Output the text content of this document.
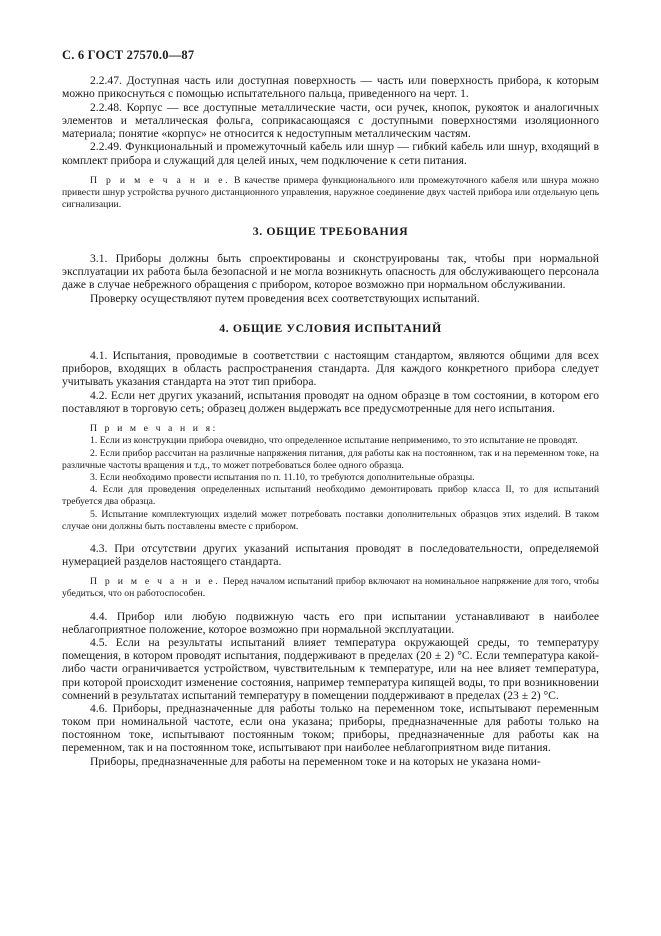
С. 6 ГОСТ 27570.0—87

2.2.47. Доступная часть или доступная поверхность — часть или поверхность прибора, к которым можно прикоснуться с помощью испытательного пальца, приведенного на черт. 1.

2.2.48. Корпус — все доступные металлические части, оси ручек, кнопок, рукояток и аналогичных элементов и металлическая фольга, соприкасающаяся с доступными поверхностями изоляционного материала; понятие «корпус» не относится к недоступным металлическим частям.

2.2.49. Функциональный и промежуточный кабель или шнур — гибкий кабель или шнур, входящий в комплект прибора и служащий для целей иных, чем подключение к сети питания.

П р и м е ч а н и е. В качестве примера функционального или промежуточного кабеля или шнура можно привести шнур устройства ручного дистанционного управления, наружное соединение двух частей прибора или отдельную цепь сигнализации.

3. ОБЩИЕ ТРЕБОВАНИЯ

3.1. Приборы должны быть спроектированы и сконструированы так, чтобы при нормальной эксплуатации их работа была безопасной и не могла возникнуть опасность для обслуживающего персонала даже в случае небрежного обращения с прибором, которое возможно при нормальном обслуживании.

Проверку осуществляют путем проведения всех соответствующих испытаний.

4. ОБЩИЕ УСЛОВИЯ ИСПЫТАНИЙ

4.1. Испытания, проводимые в соответствии с настоящим стандартом, являются общими для всех приборов, входящих в область распространения стандарта. Для каждого конкретного прибора следует учитывать указания стандарта на этот тип прибора.

4.2. Если нет других указаний, испытания проводят на одном образце в том состоянии, в котором его поставляют в торговую сеть; образец должен выдержать все предусмотренные для него испытания.

П р и м е ч а н и я:

1. Если из конструкции прибора очевидно, что определенное испытание неприменимо, то это испытание не проводят.

2. Если прибор рассчитан на различные напряжения питания, для работы как на постоянном, так и на переменном токе, на различные частоты вращения и т.д., то может потребоваться более одного образца.

3. Если необходимо провести испытания по п. 11.10, то требуются дополнительные образцы.

4. Если для проведения определенных испытаний необходимо демонтировать прибор класса II, то для испытаний требуется два образца.

5. Испытание комплектующих изделий может потребовать поставки дополнительных образцов этих изделий. В таком случае они должны быть поставлены вместе с прибором.

4.3. При отсутствии других указаний испытания проводят в последовательности, определяемой нумерацией разделов настоящего стандарта.

П р и м е ч а н и е. Перед началом испытаний прибор включают на номинальное напряжение для того, чтобы убедиться, что он работоспособен.

4.4. Прибор или любую подвижную часть его при испытании устанавливают в наиболее неблагоприятное положение, которое возможно при нормальной эксплуатации.

4.5. Если на результаты испытаний влияет температура окружающей среды, то температуру помещения, в котором проводят испытания, поддерживают в пределах (20 ± 2) °С. Если температура какой-либо части ограничивается устройством, чувствительным к температуре, или на нее влияет температура, при которой происходит изменение состояния, например температура кипящей воды, то при возникновении сомнений в результатах испытаний температуру в помещении поддерживают в пределах (23 ± 2) °С.

4.6. Приборы, предназначенные для работы только на переменном токе, испытывают переменным током при номинальной частоте, если она указана; приборы, предназначенные для работы только на постоянном токе, испытывают постоянным током; приборы, предназначенные для работы как на переменном, так и на постоянном токе, испытывают при наиболее неблагоприятном виде питания.

Приборы, предназначенные для работы на переменном токе и на которых не указана номи-
